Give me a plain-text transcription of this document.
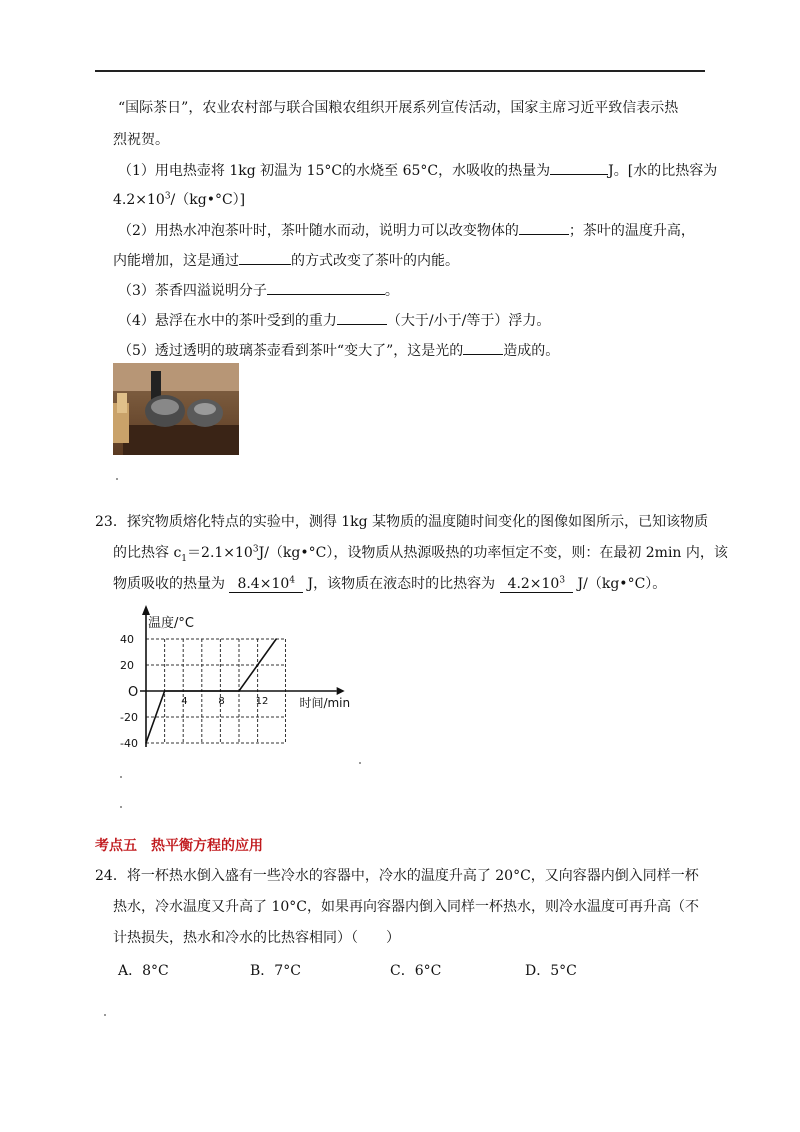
“国际茶日”，农业农村部与联合国粮农组织开展系列宣传活动，国家主席习近平致信表示热
烈祝贺。
（1）用电热壶将 1kg 初温为 15°C的水烧至 65°C，水吸收的热量为	J。[水的比热容为
$4.2\times 10^3/(kg•^\circ C)$]
（2）用热水冲泡茶叶时，茶叶随水而动，说明力可以改变物体的	；茶叶的温度升高，
内能增加，这是通过	的方式改变了茶叶的内能。
（3）茶香四溢说明分子	。
（4）悬浮在水中的茶叶受到的重力	（大于/小于/等于）浮力。
（5）透过透明的玻璃茶壶看到茶叶“变大了”，这是光的	造成的。
23．探究物质熔化特点的实验中，测得 1kg 某物质的温度随时间变化的图像如图所示，已知该物质
的比热容 $c_1=2.1\times 10^3J/(kg•^\circ C)$，设物质从热源吸热的功率恒定不变，则：在最初 2min 内，该
物质吸收的热量为 $8.4\times 10^4$ J，该物质在液态时的比热容为 $4.2\times 10^3$ J/（kg•°C）。
温度/°C
时间/min
O
4	8	12
40
20
-20
-40
考点五　热平衡方程的应用
24．将一杯热水倒入盛有一些冷水的容器中，冷水的温度升高了 20°C，又向容器内倒入同样一杯
热水，冷水温度又升高了 10°C，如果再向容器内倒入同样一杯热水，则冷水温度可再升高（不
计热损失，热水和冷水的比热容相同）（　　）
A．8°C	B．7°C	C．6°C	D．5°C
